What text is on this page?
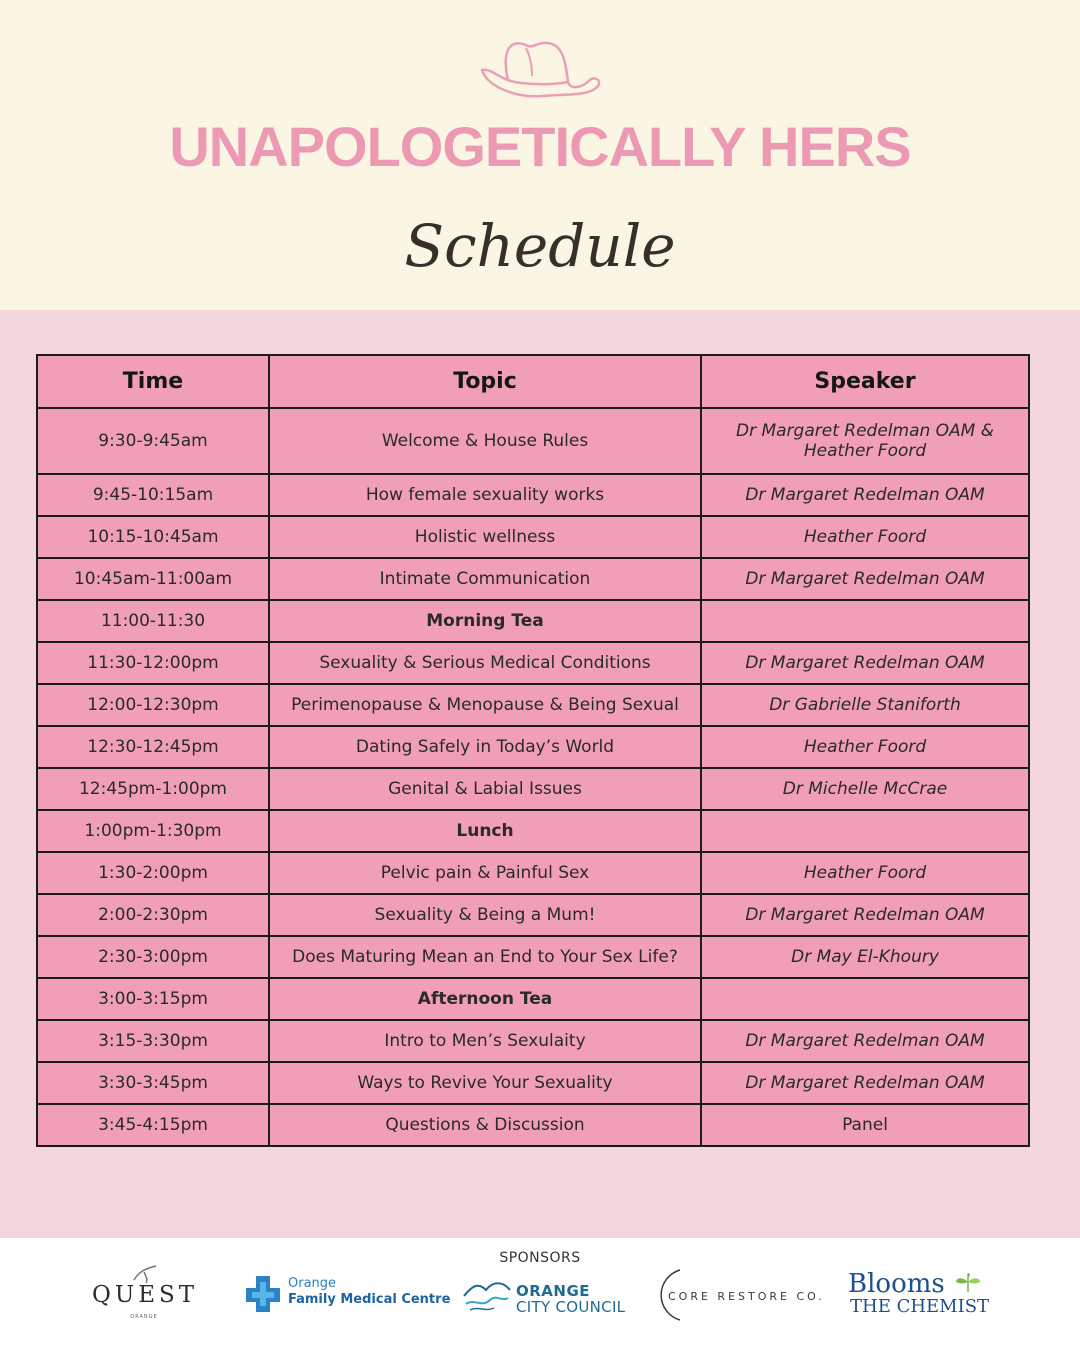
UNAPOLOGETICALLY HERS
Schedule
Time	Topic	Speaker
9:30-9:45am	Welcome & House Rules	Dr Margaret Redelman OAM & Heather Foord
9:45-10:15am	How female sexuality works	Dr Margaret Redelman OAM
10:15-10:45am	Holistic wellness	Heather Foord
10:45am-11:00am	Intimate Communication	Dr Margaret Redelman OAM
11:00-11:30	Morning Tea	
11:30-12:00pm	Sexuality & Serious Medical Conditions	Dr Margaret Redelman OAM
12:00-12:30pm	Perimenopause & Menopause & Being Sexual	Dr Gabrielle Staniforth
12:30-12:45pm	Dating Safely in Today’s World	Heather Foord
12:45pm-1:00pm	Genital & Labial Issues	Dr Michelle McCrae
1:00pm-1:30pm	Lunch	
1:30-2:00pm	Pelvic pain & Painful Sex	Heather Foord
2:00-2:30pm	Sexuality & Being a Mum!	Dr Margaret Redelman OAM
2:30-3:00pm	Does Maturing Mean an End to Your Sex Life?	Dr May El-Khoury
3:00-3:15pm	Afternoon Tea	
3:15-3:30pm	Intro to Men’s Sexulaity	Dr Margaret Redelman OAM
3:30-3:45pm	Ways to Revive Your Sexuality	Dr Margaret Redelman OAM
3:45-4:15pm	Questions & Discussion	Panel
SPONSORS
QUEST
ORANGE
Orange
Family Medical Centre	ORANGE
CITY COUNCIL
CORE RESTORE CO. Blooms
THE CHEMIST
